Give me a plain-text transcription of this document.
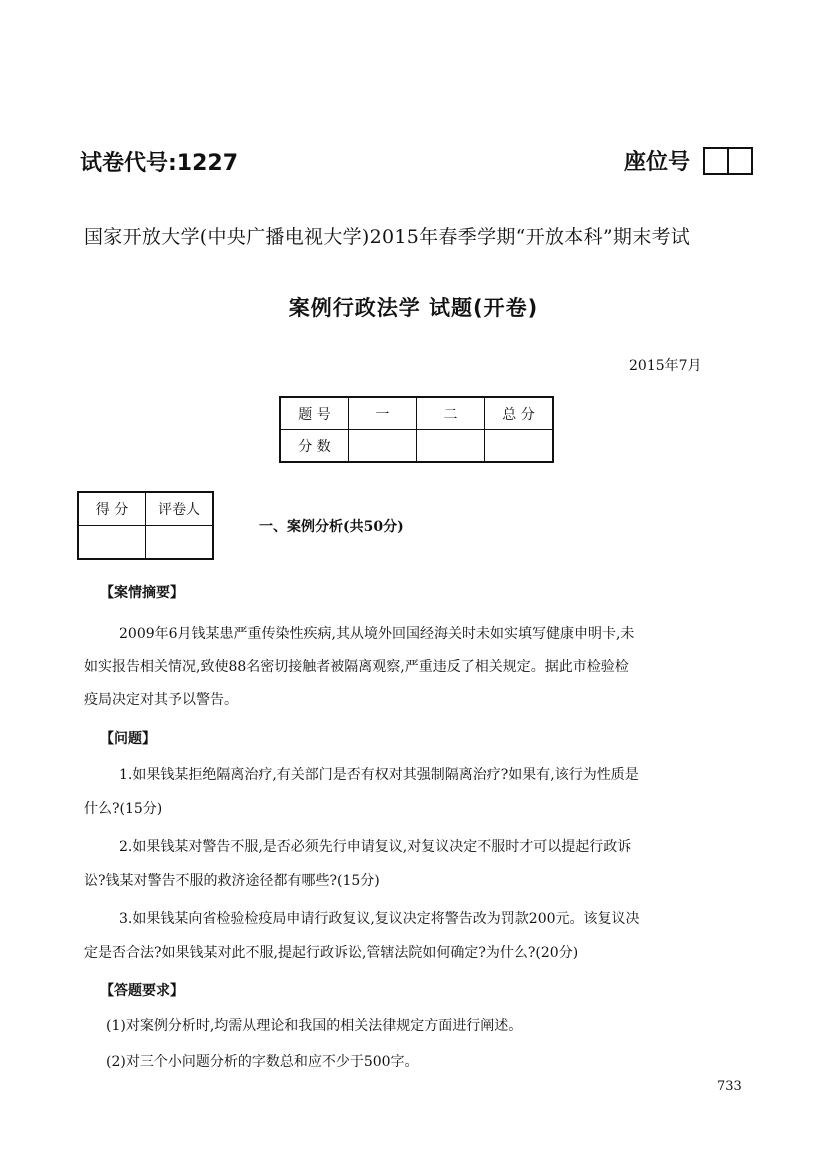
试卷代号:1227	座位号
国家开放大学(中央广播电视大学)2015年春季学期“开放本科”期末考试
案例行政法学 试题(开卷)
2015年7月
题 号	一	二	总 分
分 数			
得 分	评卷人

一、案例分析(共50分)
【案情摘要】
2009年6月钱某患严重传染性疾病,其从境外回国经海关时未如实填写健康申明卡,未
如实报告相关情况,致使88名密切接触者被隔离观察,严重违反了相关规定。据此市检验检
疫局决定对其予以警告。
【问题】
1.如果钱某拒绝隔离治疗,有关部门是否有权对其强制隔离治疗?如果有,该行为性质是
什么?(15分)
2.如果钱某对警告不服,是否必须先行申请复议,对复议决定不服时才可以提起行政诉
讼?钱某对警告不服的救济途径都有哪些?(15分)
3.如果钱某向省检验检疫局申请行政复议,复议决定将警告改为罚款200元。该复议决
定是否合法?如果钱某对此不服,提起行政诉讼,管辖法院如何确定?为什么?(20分)
【答题要求】
(1)对案例分析时,均需从理论和我国的相关法律规定方面进行阐述。
(2)对三个小问题分析的字数总和应不少于500字。
733
